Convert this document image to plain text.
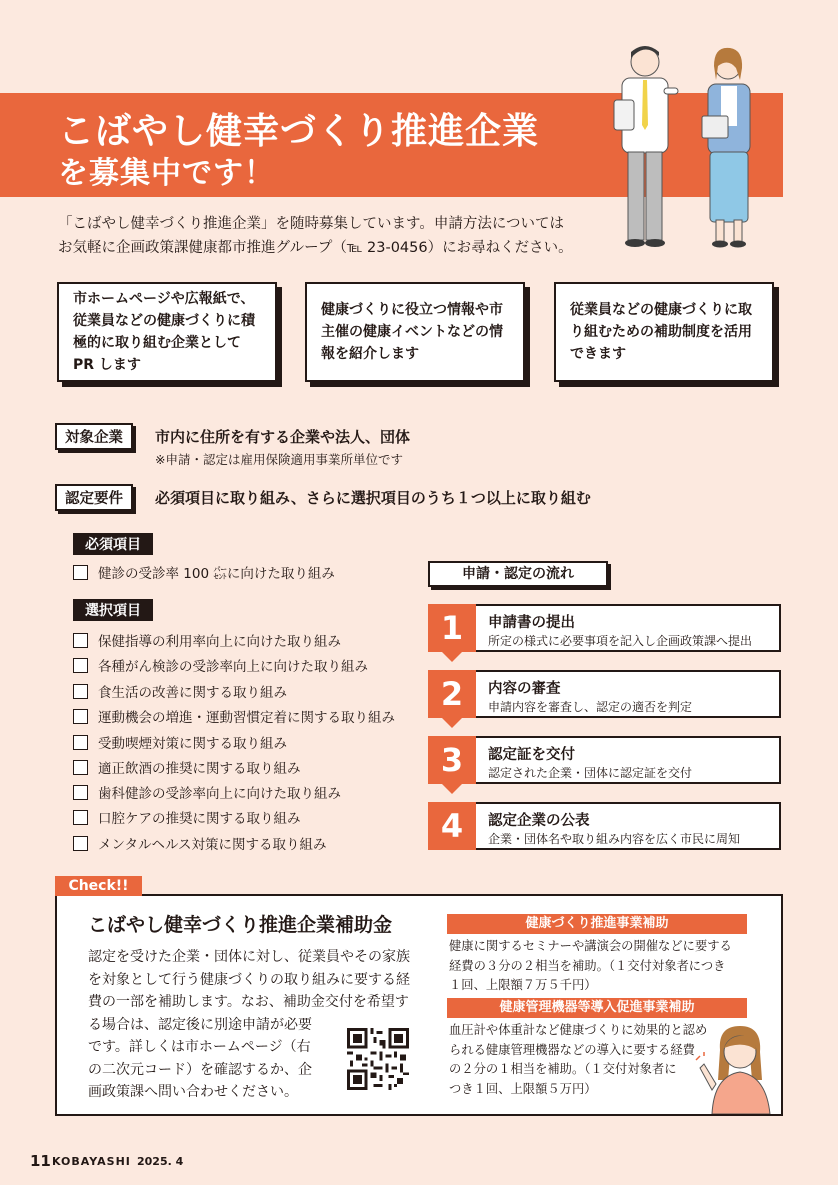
こばやし健幸づくり推進企業
を募集中です！

「こばやし健幸づくり推進企業」を随時募集しています。申請方法については

お気軽に企画政策課健康都市推進グループ（℡ 23-0456）にお尋ねください。

市ホームページや広報紙で、従業員などの健康づくりに積極的に取り組む企業としてPR します
健康づくりに役立つ情報や市主催の健康イベントなどの情報を紹介します
従業員などの健康づくりに取り組むための補助制度を活用できます
対象企業	市内に住所を有する企業や法人、団体
※申請・認定は雇用保険適用事業所単位です
認定要件	必須項目に取り組み、さらに選択項目のうち１つ以上に取り組む
必須項目
健診の受診率 100 ㌫に向けた取り組み
選択項目
保健指導の利用率向上に向けた取り組み
各種がん検診の受診率向上に向けた取り組み
食生活の改善に関する取り組み
運動機会の増進・運動習慣定着に関する取り組み
受動喫煙対策に関する取り組み
適正飲酒の推奨に関する取り組み
歯科健診の受診率向上に向けた取り組み
口腔ケアの推奨に関する取り組み
メンタルヘルス対策に関する取り組み
申請・認定の流れ
1	申請書の提出
所定の様式に必要事項を記入し企画政策課へ提出
2	内容の審査
申請内容を審査し、認定の適否を判定
3	認定証を交付
認定された企業・団体に認定証を交付
4	認定企業の公表
企業・団体名や取り組み内容を広く市民に周知
Check!!
こばやし健幸づくり推進企業補助金

認定を受けた企業・団体に対し、従業員やその家族

を対象として行う健康づくりの取り組みに要する経

費の一部を補助します。なお、補助金交付を希望す

る場合は、認定後に別途申請が必要

です。詳しくは市ホームページ（右

の二次元コード）を確認するか、企

画政策課へ問い合わせください。

健康づくり推進事業補助

健康に関するセミナーや講演会の開催などに要する

経費の３分の２相当を補助。（１交付対象者につき

１回、上限額７万５千円）

健康管理機器等導入促進事業補助

血圧計や体重計など健康づくりに効果的と認め

られる健康管理機器などの導入に要する経費

の２分の１相当を補助。（１交付対象者に

つき１回、上限額５万円）

11 KOBAYASHI 2025. 4
